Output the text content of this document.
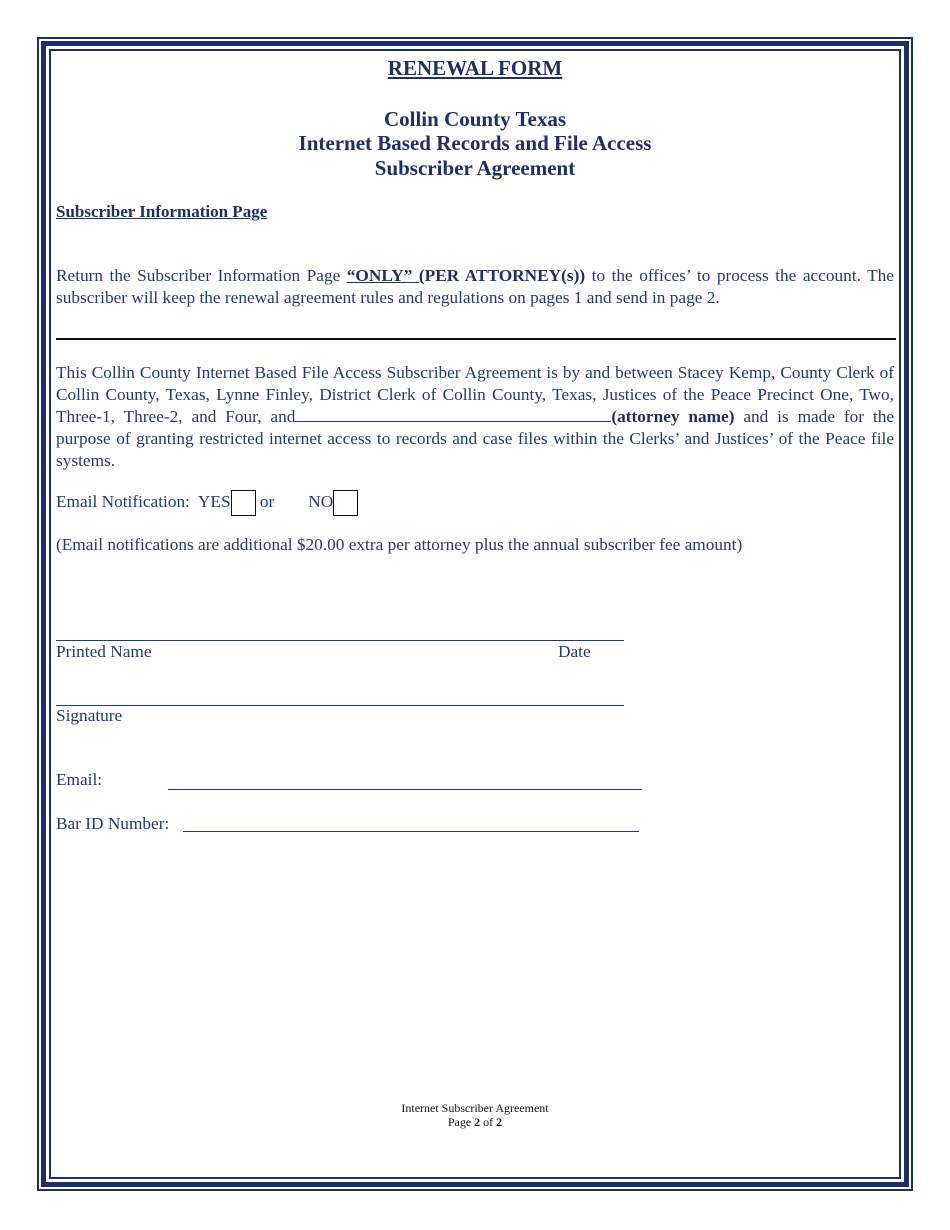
RENEWAL FORM
Collin County Texas
Internet Based Records and File Access
Subscriber Agreement
Subscriber Information Page
Return the Subscriber Information Page “ONLY” (PER ATTORNEY(s)) to the offices’ to process the account. The subscriber will keep the renewal agreement rules and regulations on pages 1 and send in page 2.
This Collin County Internet Based File Access Subscriber Agreement is by and between Stacey Kemp, County Clerk of Collin County, Texas, Lynne Finley, District Clerk of Collin County, Texas, Justices of the Peace Precinct One, Two, Three-1, Three-2, and Four, and	(attorney name) and is made for the purpose of granting restricted internet access to records and case files within the Clerks’ and Justices’ of the Peace file systems.
Email Notification: YES or NO
(Email notifications are additional $20.00 extra per attorney plus the annual subscriber fee amount)
Printed Name	Date
Signature
Email:
Bar ID Number:
Internet Subscriber Agreement
Page 2 of 2
